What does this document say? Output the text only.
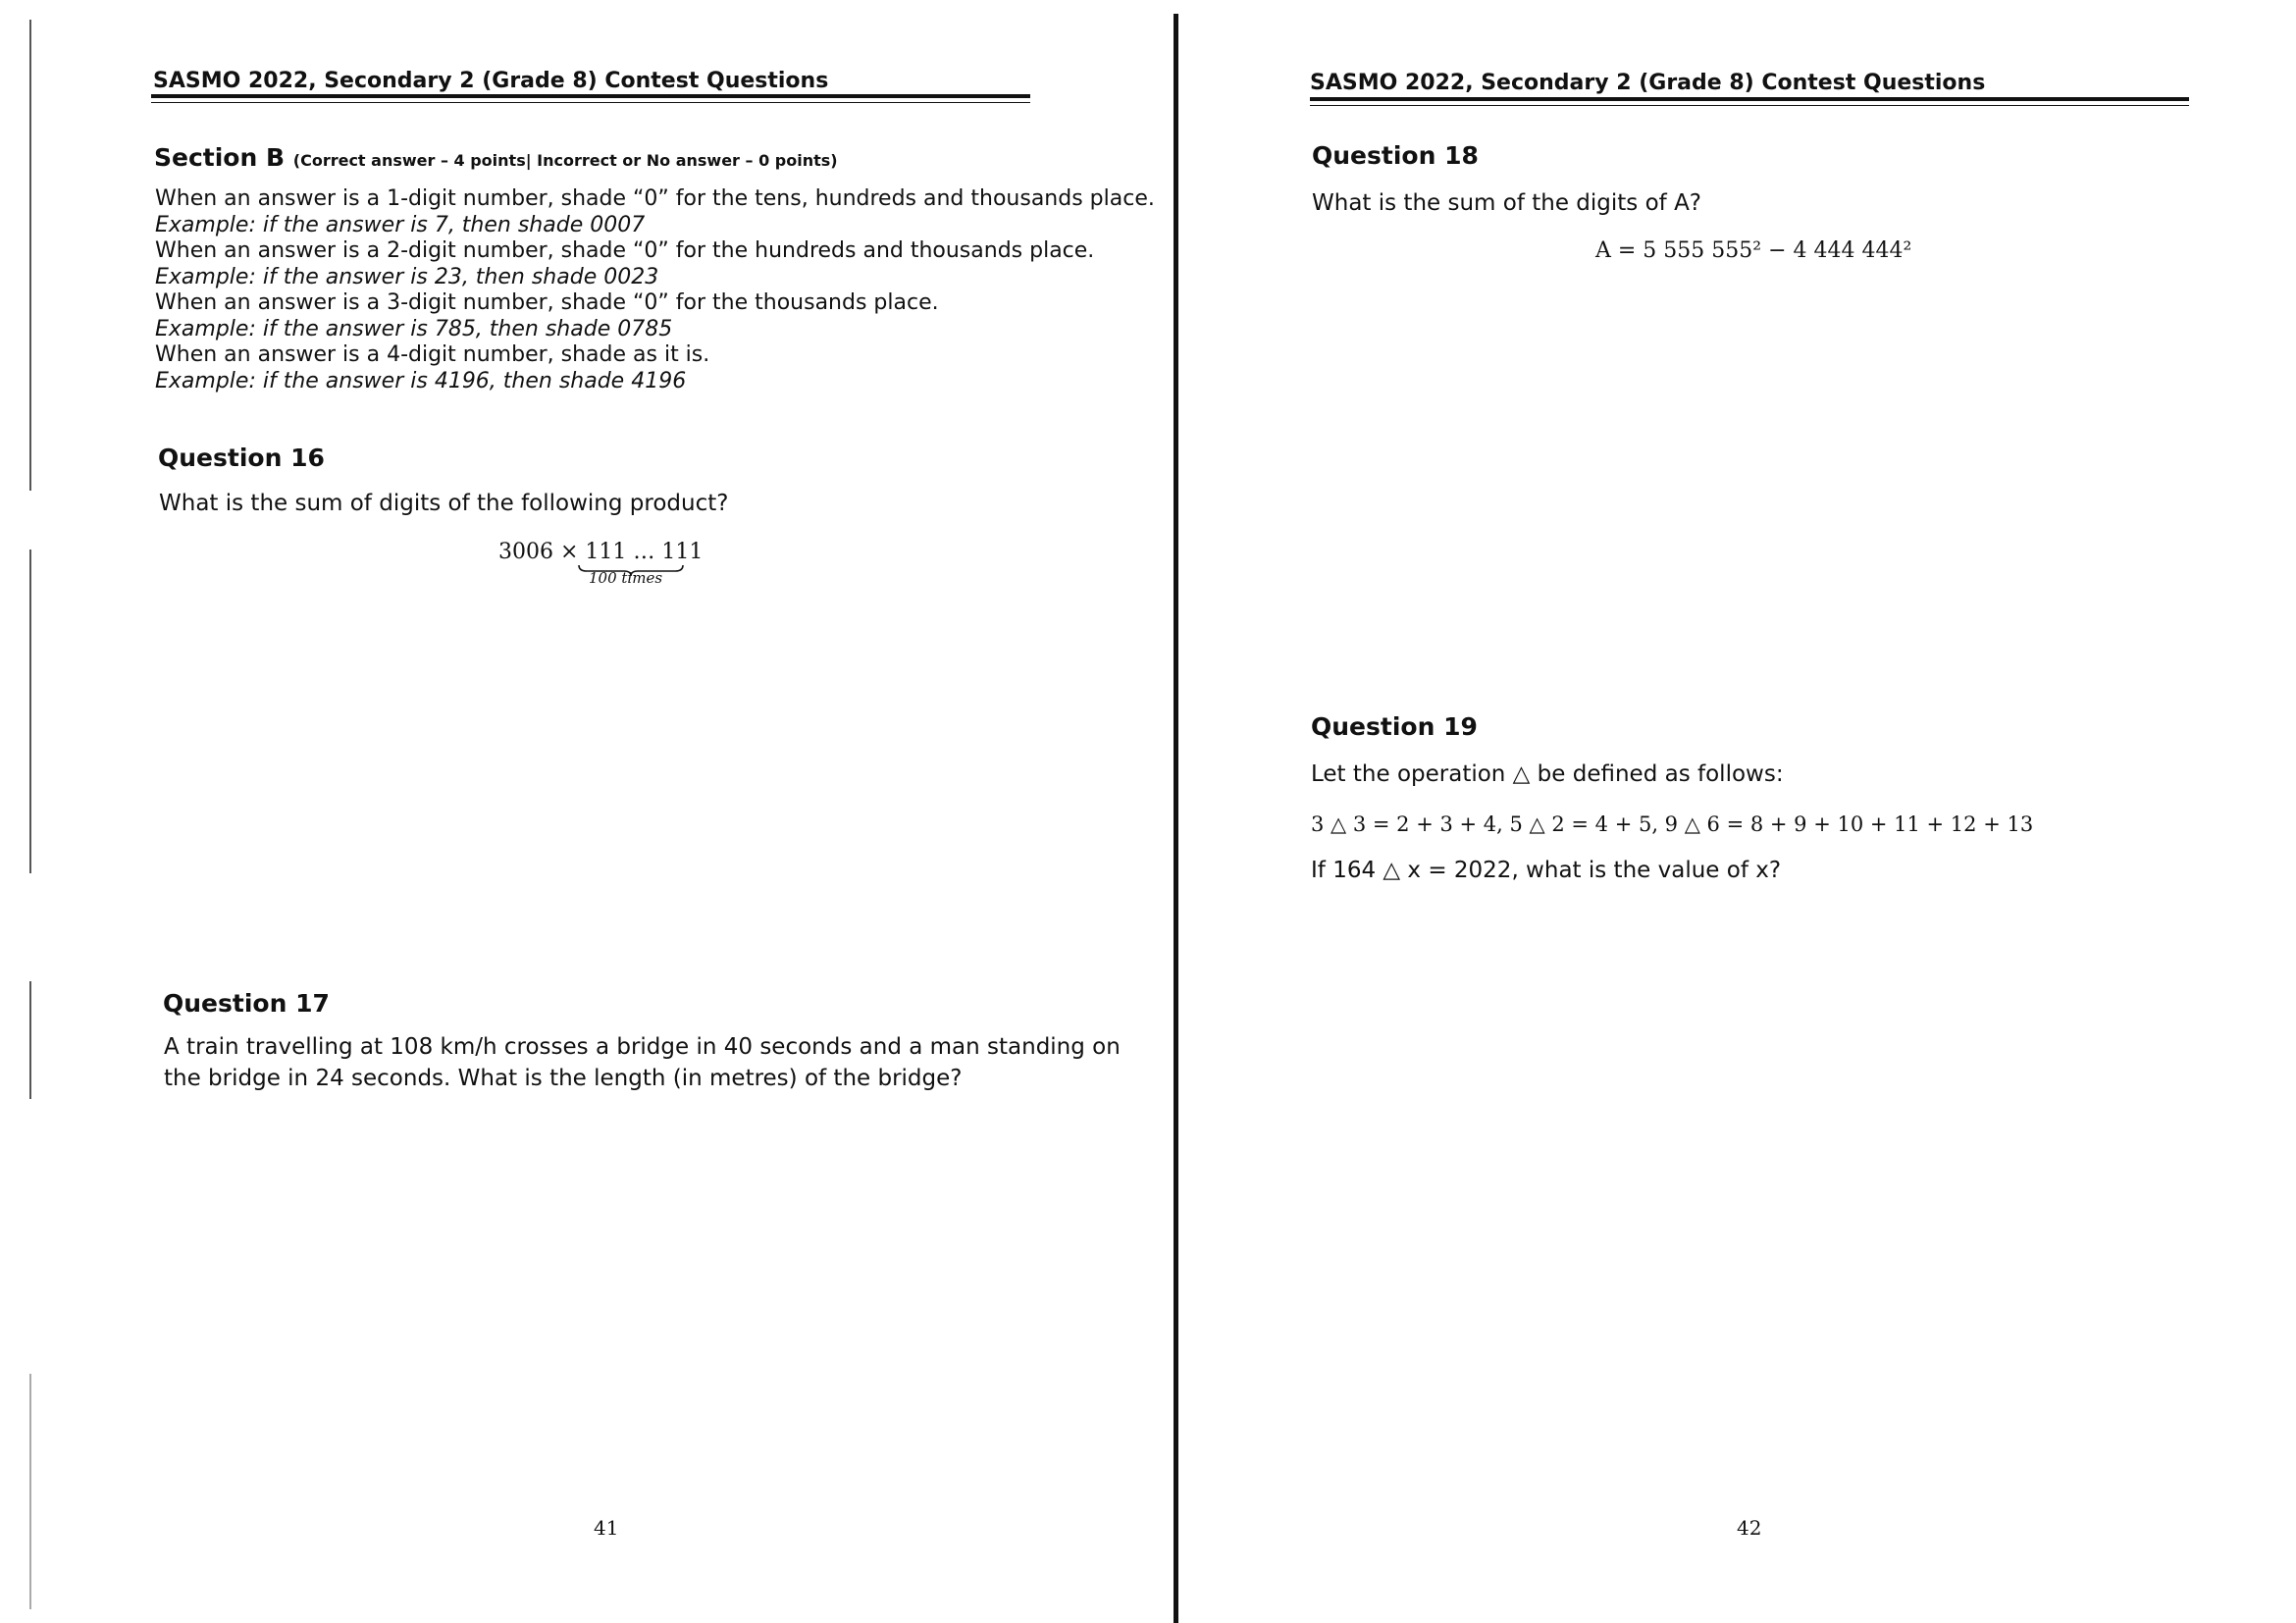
SASMO 2022, Secondary 2 (Grade 8) Contest Questions
Section B (Correct answer – 4 points| Incorrect or No answer – 0 points)
When an answer is a 1-digit number, shade “0” for the tens, hundreds and thousands place.
Example: if the answer is 7, then shade 0007
When an answer is a 2-digit number, shade “0” for the hundreds and thousands place.
Example: if the answer is 23, then shade 0023
When an answer is a 3-digit number, shade “0” for the thousands place.
Example: if the answer is 785, then shade 0785
When an answer is a 4-digit number, shade as it is.
Example: if the answer is 4196, then shade 4196
Question 16
What is the sum of digits of the following product?
3006 × 111 … 111
100 times
Question 17
A train travelling at 108 km/h crosses a bridge in 40 seconds and a man standing on
the bridge in 24 seconds. What is the length (in metres) of the bridge?
41
SASMO 2022, Secondary 2 (Grade 8) Contest Questions
Question 18
What is the sum of the digits of A?
A = 5 555 555² − 4 444 444²
Question 19
Let the operation △ be defined as follows:
3 △ 3 = 2 + 3 + 4, 5 △ 2 = 4 + 5, 9 △ 6 = 8 + 9 + 10 + 11 + 12 + 13
If 164 △ x = 2022, what is the value of x?
42
